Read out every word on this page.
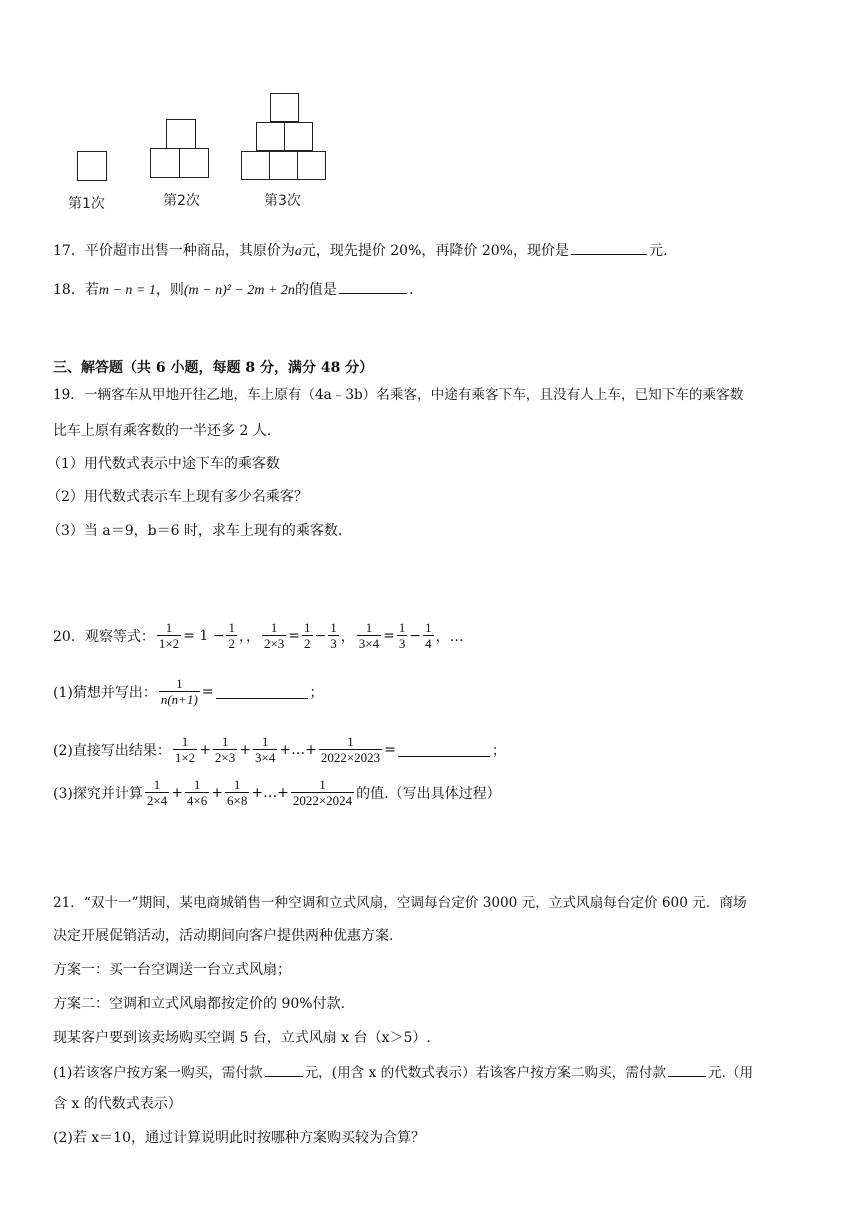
第1次	第2次	第3次
17．平价超市出售一种商品，其原价为a元，现先提价 20%，再降价 20%，现价是	元.
18．若m − n = 1，则(m − n)² − 2m + 2n的值是	.
三、解答题（共 6 小题，每题 8 分，满分 48 分）
19．一辆客车从甲地开往乙地，车上原有（4a﹣3b）名乘客，中途有乘客下车，且没有人上车，已知下车的乘客数
比车上原有乘客数的一半还多 2 人.
（1）用代数式表示中途下车的乘客数
（2）用代数式表示车上现有多少名乘客？
（3）当 a＝9，b＝6 时，求车上现有的乘客数.
20．观察等式： $\frac{1}{1\times 2} = 1 - \frac{1}{2}$ ，， $\frac{1}{2\times 3} = \frac{1}{2} - \frac{1}{3}$ ， $\frac{1}{3\times 4} = \frac{1}{3} - \frac{1}{4}$ ，…
(1)猜想并写出： $\frac{1}{n(n+1)}$ =	；
(2)直接写出结果： $\frac{1}{1\times 2} + \frac{1}{2\times 3} + \frac{1}{3\times 4}$ +…+ $\frac{1}{2022\times 2023}$ =	；
(3)探究并计算 $\frac{1}{2\times 4} + \frac{1}{4\times 6} + \frac{1}{6\times 8}$ +…+ $\frac{1}{2022\times 2024}$ 的值.（写出具体过程）
21．“双十一”期间，某电商城销售一种空调和立式风扇，空调每台定价 3000 元，立式风扇每台定价 600 元．商场
决定开展促销活动，活动期间向客户提供两种优惠方案.
方案一：买一台空调送一台立式风扇；
方案二：空调和立式风扇都按定价的 90%付款.
现某客户要到该卖场购买空调 5 台，立式风扇 x 台（x＞5）.
(1)若该客户按方案一购买，需付款	元，(用含 x 的代数式表示）若该客户按方案二购买，需付款	元.（用
含 x 的代数式表示）
(2)若 x＝10，通过计算说明此时按哪种方案购买较为合算？
